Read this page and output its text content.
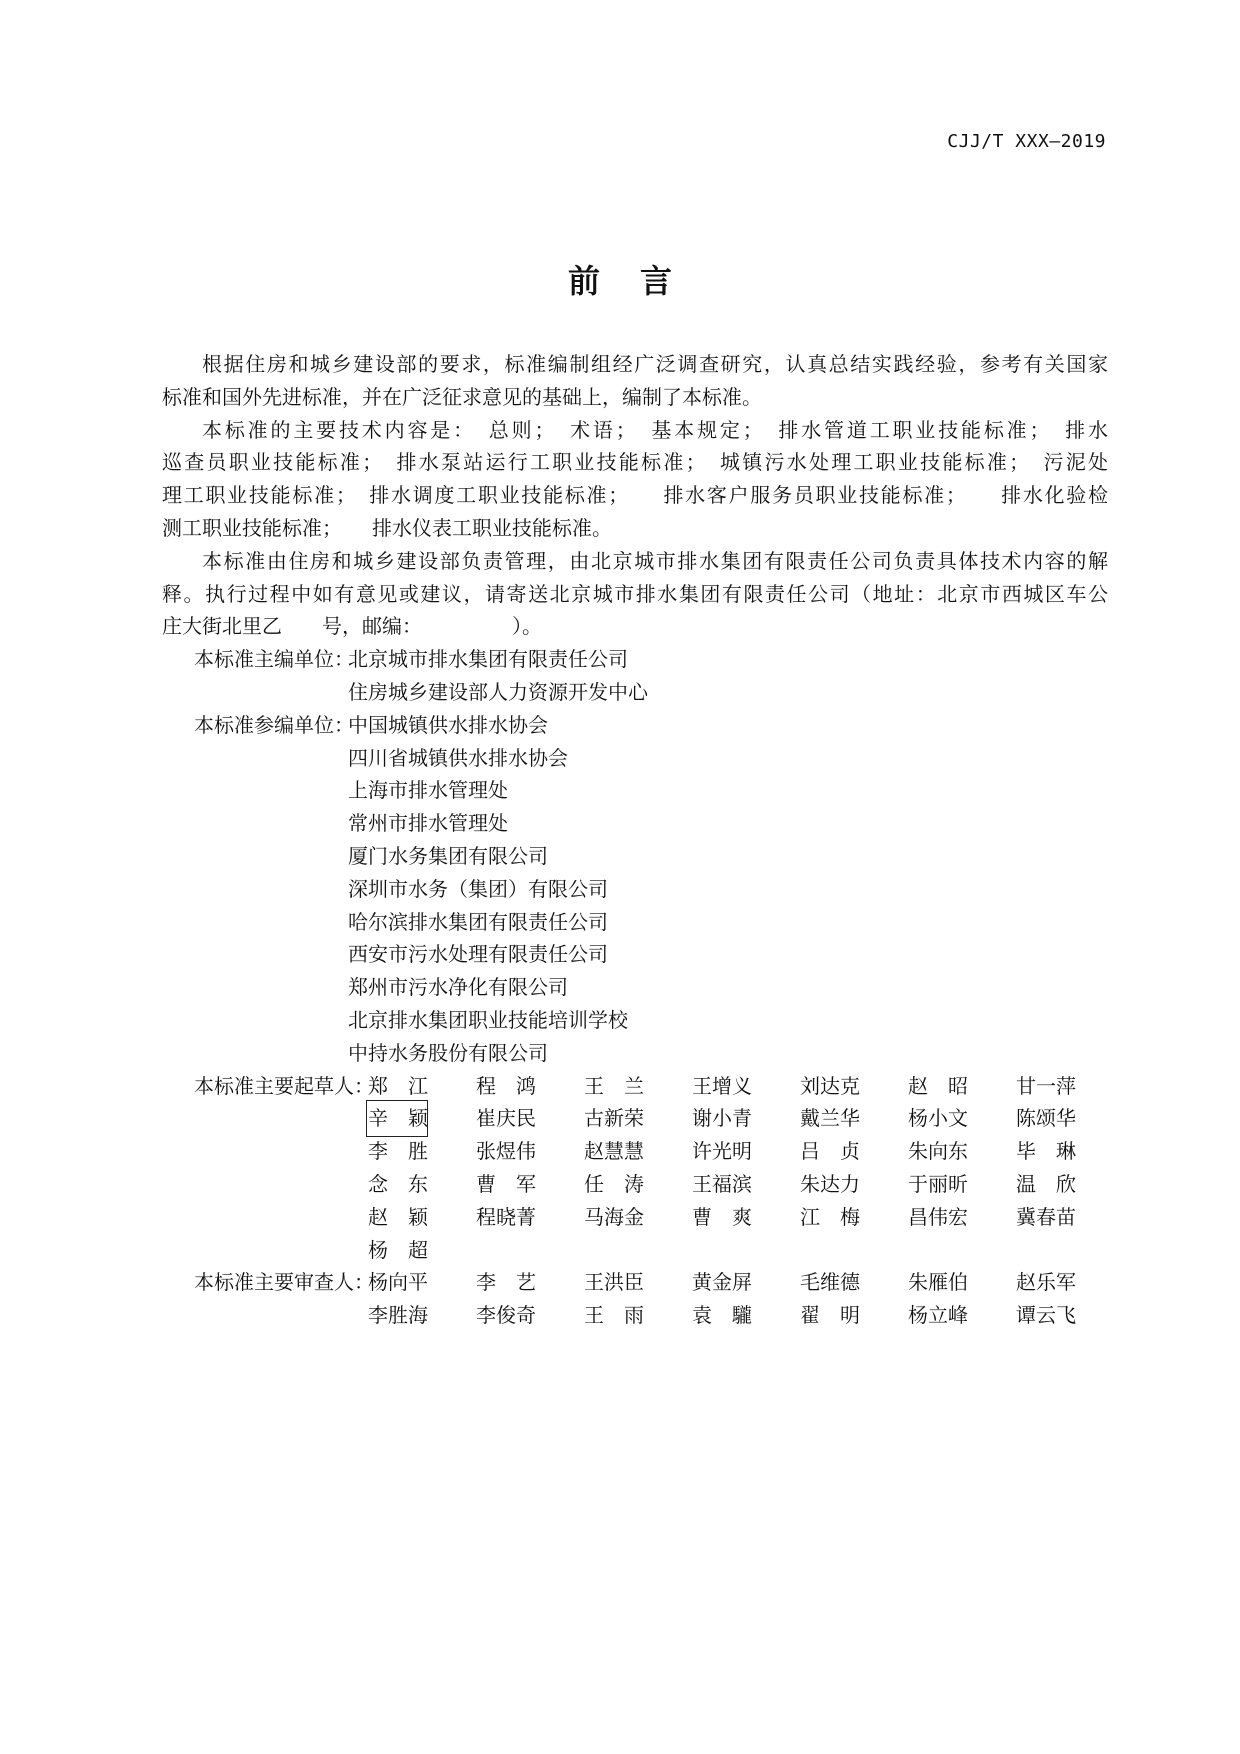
CJJ/T XXX—2019
前言

根据住房和城乡建设部的要求，标准编制组经广泛调查研究，认真总结实践经验，参考有关国家
标准和国外先进标准，并在广泛征求意见的基础上，编制了本标准。

本标准的主要技术内容是：　总则；　术语；　基本规定；　排水管道工职业技能标准；　排水
巡查员职业技能标准；　排水泵站运行工职业技能标准；　城镇污水处理工职业技能标准；　污泥处
理工职业技能标准；　排水调度工职业技能标准；　　排水客户服务员职业技能标准；　　排水化验检
测工职业技能标准；　　排水仪表工职业技能标准。

本标准由住房和城乡建设部负责管理，由北京城市排水集团有限责任公司负责具体技术内容的解
释。执行过程中如有意见或建议，请寄送北京城市排水集团有限责任公司（地址：北京市西城区车公
庄大街北里乙　　号，邮编：　　　　　）。

本标准主编单位：
北京城市排水集团有限责任公司
住房城乡建设部人力资源开发中心
本标准参编单位：
中国城镇供水排水协会
四川省城镇供水排水协会
上海市排水管理处
常州市排水管理处
厦门水务集团有限公司
深圳市水务（集团）有限公司
哈尔滨排水集团有限责任公司
西安市污水处理有限责任公司
郑州市污水净化有限公司
北京排水集团职业技能培训学校
中持水务股份有限公司
本标准主要起草人：
郑　江	程　鸿	王　兰	王增义	刘达克	赵　昭	甘一萍
辛　颖	崔庆民	古新荣	谢小青	戴兰华	杨小文	陈颂华
李　胜	张煜伟	赵慧慧	许光明	吕　贞	朱向东	毕　琳
念　东	曹　军	任　涛	王福滨	朱达力	于丽昕	温　欣
赵　颖	程晓菁	马海金	曹　爽	江　梅	昌伟宏	冀春苗
杨　超
本标准主要审查人：
杨向平	李　艺	王洪臣	黄金屏	毛维德	朱雁伯	赵乐军
李胜海	李俊奇	王　雨	袁　䮾	翟　明	杨立峰	谭云飞
